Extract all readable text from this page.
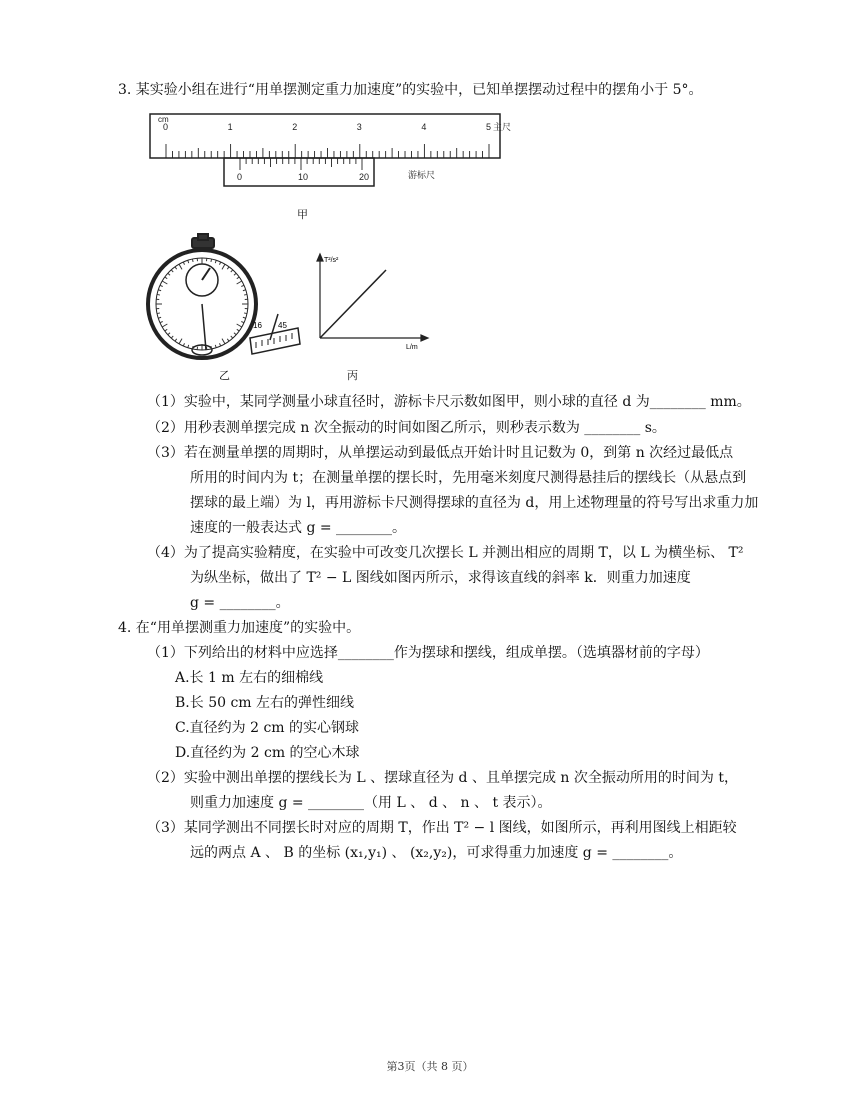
3. 某实验小组在进行“用单摆测定重力加速度”的实验中，已知单摆摆动过程中的摆角小于 5°。
0	1	2	3	4	5
cm
主尺
0	10	20	游标尺
甲
16 45
乙
T²/s²
L/m
丙
（1）实验中，某同学测量小球直径时，游标卡尺示数如图甲，则小球的直径 d 为________ mm。
（2）用秒表测单摆完成 n 次全振动的时间如图乙所示，则秒表示数为 ________ s。
（3）若在测量单摆的周期时，从单摆运动到最低点开始计时且记数为 0，到第 n 次经过最低点
所用的时间内为 t；在测量单摆的摆长时，先用毫米刻度尺测得悬挂后的摆线长（从悬点到
摆球的最上端）为 l，再用游标卡尺测得摆球的直径为 d，用上述物理量的符号写出求重力加
速度的一般表达式 g = ________。
（4）为了提高实验精度，在实验中可改变几次摆长 L 并测出相应的周期 T，以 L 为横坐标、 T²
为纵坐标，做出了 T² − L 图线如图丙所示，求得该直线的斜率 k．则重力加速度
g = ________。
4. 在“用单摆测重力加速度”的实验中。
（1）下列给出的材料中应选择________作为摆球和摆线，组成单摆。（选填器材前的字母）
A.长 1 m 左右的细棉线
B.长 50 cm 左右的弹性细线
C.直径约为 2 cm 的实心钢球
D.直径约为 2 cm 的空心木球
（2）实验中测出单摆的摆线长为 L 、摆球直径为 d 、且单摆完成 n 次全振动所用的时间为 t，
则重力加速度 g = ________（用 L 、 d 、 n 、 t 表示）。
（3）某同学测出不同摆长时对应的周期 T，作出 T² − l 图线，如图所示，再利用图线上相距较
远的两点 A 、 B 的坐标 (x₁,y₁) 、 (x₂,y₂)，可求得重力加速度 g = ________。
第3页（共 8 页）
